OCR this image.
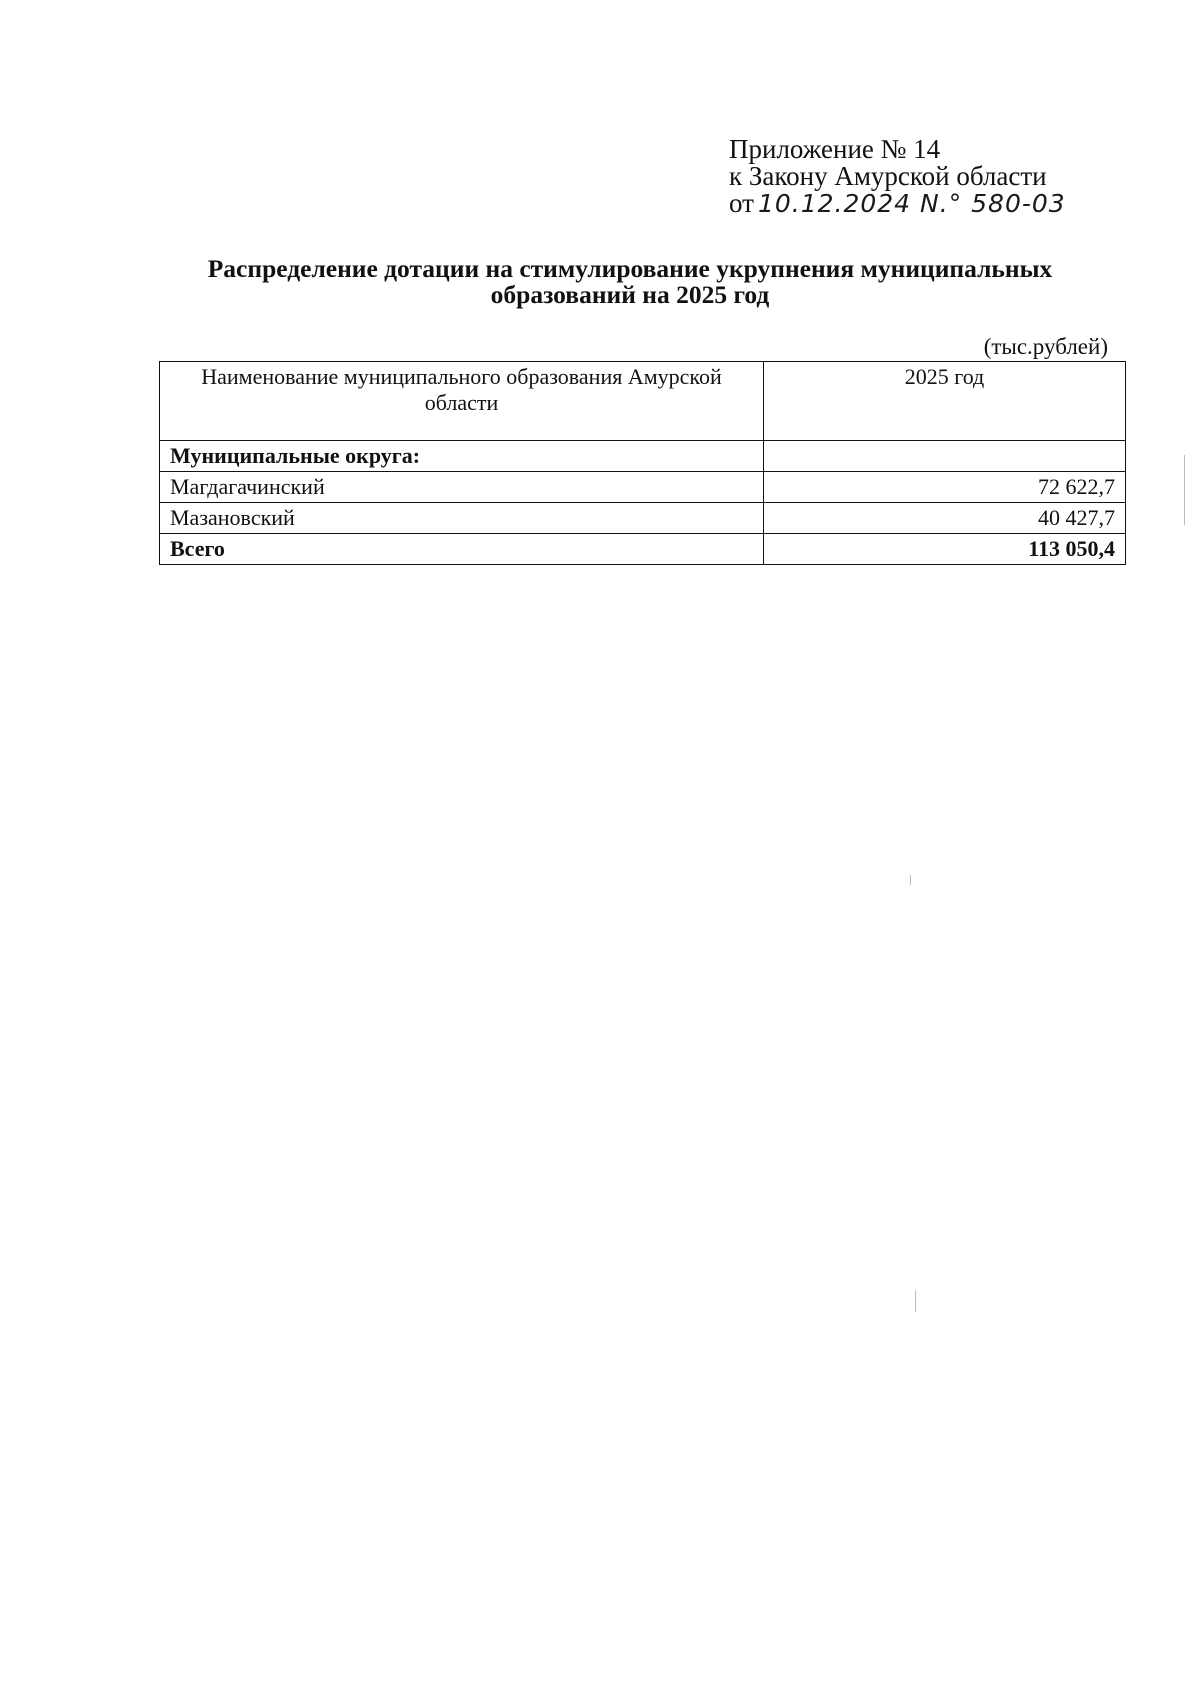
Приложение № 14
к Закону Амурской области
от 10.12.2024 N.° 580-03
Распределение дотации на стимулирование укрупнения муниципальных
образований на 2025 год
(тыс.рублей)
Наименование муниципального образования Амурской области	2025 год
Муниципальные округа:	
Магдагачинский	72 622,7
Мазановский	40 427,7
Всего	113 050,4
